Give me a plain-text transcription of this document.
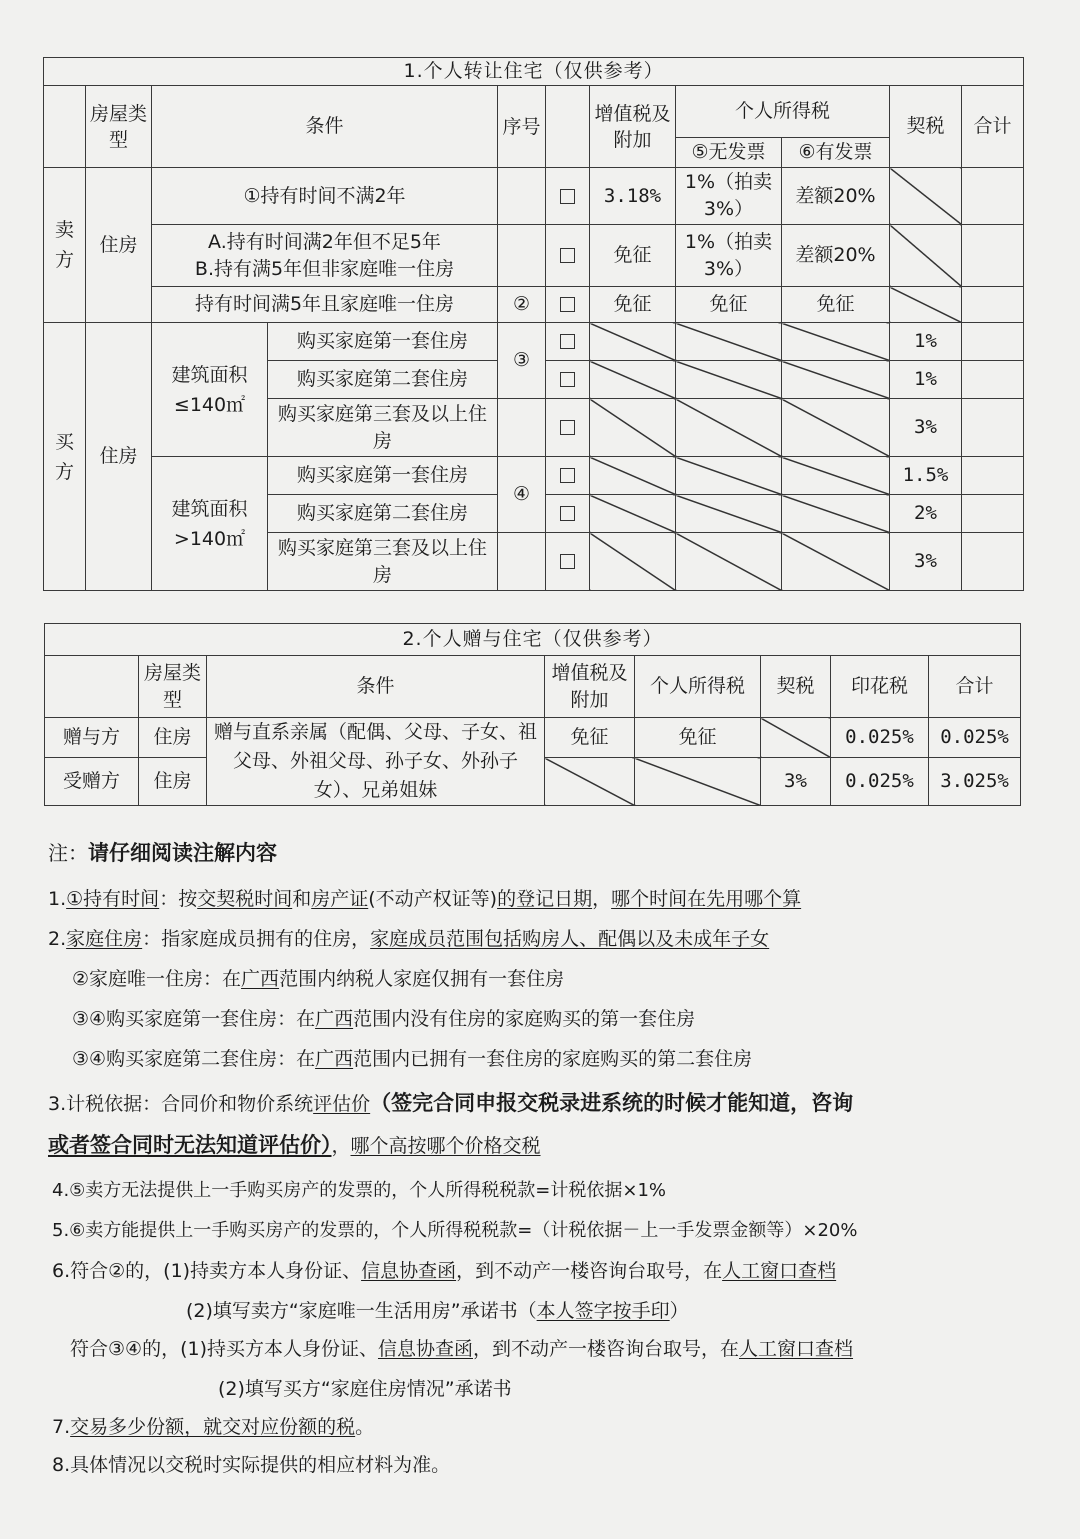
1.个人转让住宅（仅供参考）										
	房屋类型	条件		序号		增值税及附加	个人所得税		契税	合计
							⑤无发票	⑥有发票		
卖方	住房	①持有时间不满2年				3.18%	1%（拍卖3%）	差额20%		

		A.持有时间满2年但不足5年
B.持有满5年但非家庭唯一住房				免征	1%（拍卖3%）	差额20%		
		持有时间满5年且家庭唯一住房		②		免征	免征	免征		
买方	住房	建筑面积≤140㎡	购买家庭第一套住房	③					1%	
			购买家庭第二套住房						1%	
			购买家庭第三套及以上住房						3%	
		建筑面积>140㎡	购买家庭第一套住房	④					1.5%	
			购买家庭第二套住房						2%	
			购买家庭第三套及以上住房						3%	
2.个人赠与住宅（仅供参考）							
	房屋类型	条件	增值税及附加	个人所得税	契税	印花税	合计
赠与方	住房	赠与直系亲属（配偶、父母、子女、祖父母、外祖父母、孙子女、外孙子女）、兄弟姐妹	免征	免征		0.025%	0.025%
受赠方	住房				3%	0.025%	3.025%
注：请仔细阅读注解内容
1.①持有时间：按交契税时间和房产证(不动产权证等)的登记日期，哪个时间在先用哪个算
2.家庭住房：指家庭成员拥有的住房，家庭成员范围包括购房人、配偶以及未成年子女
②家庭唯一住房：在广西范围内纳税人家庭仅拥有一套住房
③④购买家庭第一套住房：在广西范围内没有住房的家庭购买的第一套住房
③④购买家庭第二套住房：在广西范围内已拥有一套住房的家庭购买的第二套住房
3.计税依据：合同价和物价系统评估价（签完合同申报交税录进系统的时候才能知道，咨询
或者签合同时无法知道评估价），哪个高按哪个价格交税
4.⑤卖方无法提供上一手购买房产的发票的，个人所得税税款=计税依据×1%
5.⑥卖方能提供上一手购买房产的发票的，个人所得税税款=（计税依据－上一手发票金额等）×20%
6.符合②的，(1)持卖方本人身份证、信息协查函，到不动产一楼咨询台取号，在人工窗口查档
(2)填写卖方“家庭唯一生活用房”承诺书（本人签字按手印）
符合③④的，(1)持买方本人身份证、信息协查函，到不动产一楼咨询台取号，在人工窗口查档
(2)填写买方“家庭住房情况”承诺书
7.交易多少份额，就交对应份额的税。
8.具体情况以交税时实际提供的相应材料为准。
